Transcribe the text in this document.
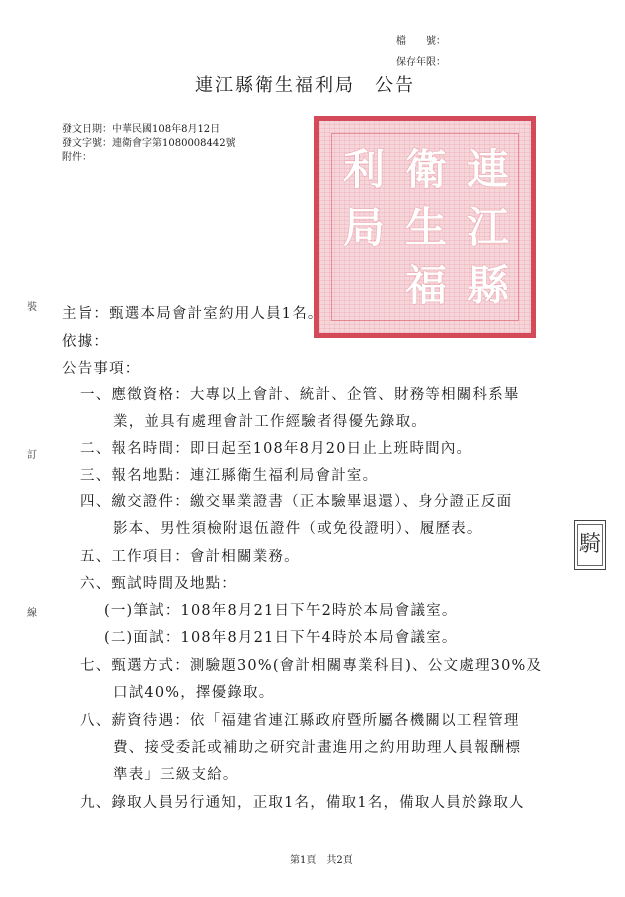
檔　　號：
保存年限：
連江縣衛生福利局　公告
發文日期：中華民國108年8月12日
發文字號：連衛會字第1080008442號
附件：	連江縣
衛生福
利局
裝
訂
線
主旨：甄選本局會計室約用人員1名。
依據：
公告事項：
一、應徵資格：大專以上會計、統計、企管、財務等相關科系畢
業，並具有處理會計工作經驗者得優先錄取。
二、報名時間：即日起至108年8月20日止上班時間內。
三、報名地點：連江縣衛生福利局會計室。
四、繳交證件：繳交畢業證書（正本驗畢退還）、身分證正反面
影本、男性須檢附退伍證件（或免役證明）、履歷表。
五、工作項目：會計相關業務。
六、甄試時間及地點：
(一)筆試：108年8月21日下午2時於本局會議室。
(二)面試：108年8月21日下午4時於本局會議室。
七、甄選方式：測驗題30%(會計相關專業科目)、公文處理30%及
口試40%，擇優錄取。
八、薪資待遇：依「福建省連江縣政府暨所屬各機關以工程管理
費、接受委託或補助之研究計畫進用之約用助理人員報酬標
準表」三級支給。
九、錄取人員另行通知，正取1名，備取1名，備取人員於錄取人
騎
第1頁　共2頁
